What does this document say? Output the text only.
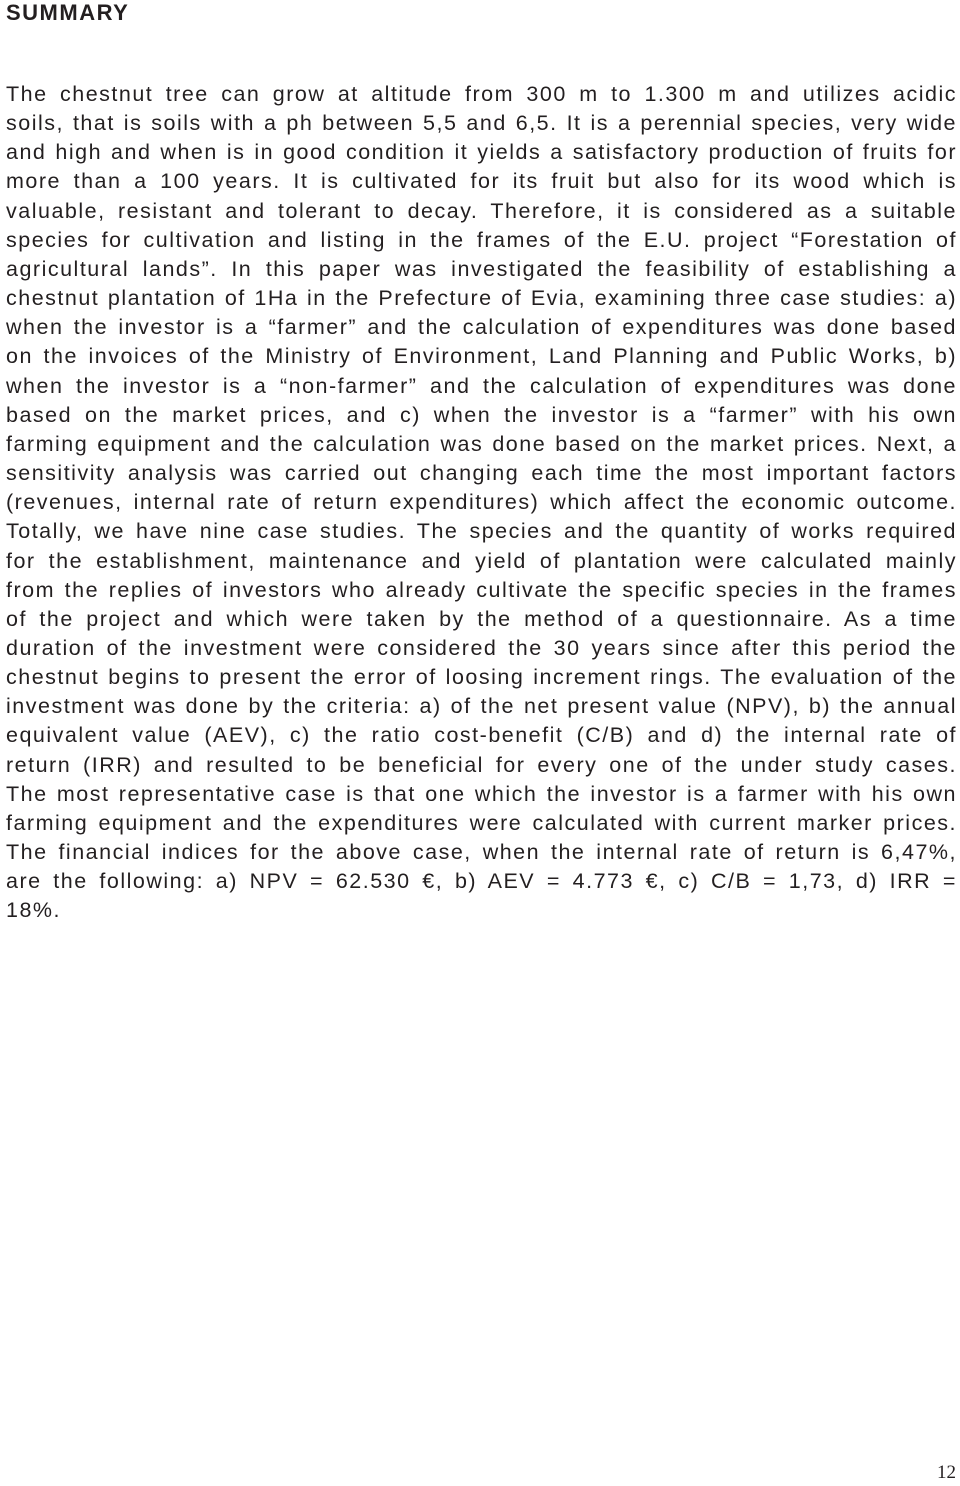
SUMMARY

The chestnut tree can grow at altitude from 300 m to 1.300 m and utilizes acidic soils, that is soils with a ph between 5,5 and 6,5. It is a perennial species, very wide and high and when is in good condition it yields a satisfactory production of fruits for more than a 100 years. It is cultivated for its fruit but also for its wood which is valuable, resistant and tolerant to decay. Therefore, it is considered as a suitable species for cultivation and listing in the frames of the E.U. project “Forestation of agricultural lands”. In this paper was investigated the feasibility of establishing a chestnut plantation of 1Ha in the Prefecture of Evia, examining three case studies: a) when the investor is a “farmer” and the calculation of expenditures was done based on the invoices of the Ministry of Environment, Land Planning and Public Works, b) when the investor is a “non-farmer” and the calculation of expenditures was done based on the market prices, and c) when the investor is a “farmer” with his own farming equipment and the calculation was done based on the market prices. Next, a sensitivity analysis was carried out changing each time the most important factors (revenues, internal rate of return expenditures) which affect the economic outcome. Totally, we have nine case studies. The species and the quantity of works required for the establishment, maintenance and yield of plantation were calculated mainly from the replies of investors who already cultivate the specific species in the frames of the project and which were taken by the method of a questionnaire. As a time duration of the investment were considered the 30 years since after this period the chestnut begins to present the error of loosing increment rings. The evaluation of the investment was done by the criteria: a) of the net present value (NPV), b) the annual equivalent value (AEV), c) the ratio cost-benefit (C/B) and d) the internal rate of return (IRR) and resulted to be beneficial for every one of the under study cases. The most representative case is that one which the investor is a farmer with his own farming equipment and the expenditures were calculated with current marker prices. The financial indices for the above case, when the internal rate of return is 6,47%, are the following: a) NPV = 62.530 €, b) AEV = 4.773 €, c) C/B = 1,73, d) IRR = 18%.

12
